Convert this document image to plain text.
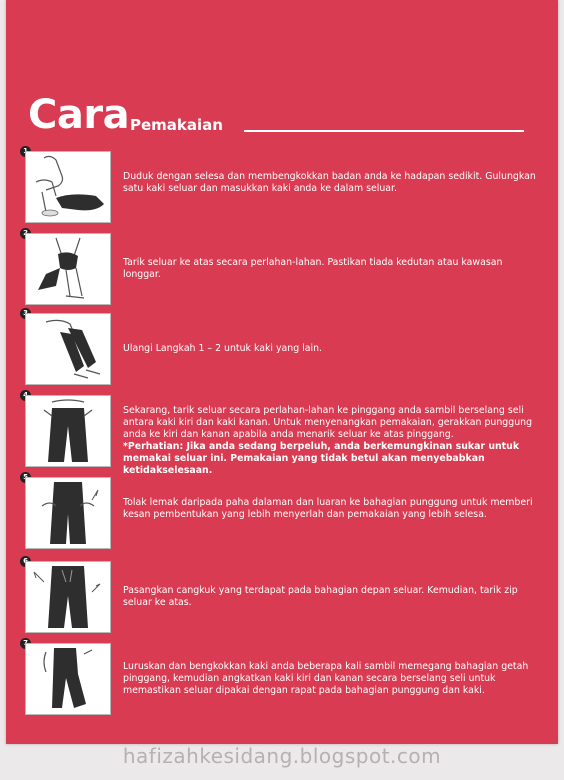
Cara Pemakaian
Duduk dengan selesa dan membengkokkan badan anda ke hadapan sedikit. Gulungkan satu kaki seluar dan masukkan kaki anda ke dalam seluar.
Tarik seluar ke atas secara perlahan-lahan. Pastikan tiada kedutan atau kawasan longgar.
Ulangi Langkah 1 – 2 untuk kaki yang lain.
Sekarang, tarik seluar secara perlahan-lahan ke pinggang anda sambil berselang seli antara kaki kiri dan kaki kanan. Untuk menyenangkan pemakaian, gerakkan punggung anda ke kiri dan kanan apabila anda menarik seluar ke atas pinggang.
*Perhatian: Jika anda sedang berpeluh, anda berkemungkinan sukar untuk memakai seluar ini. Pemakaian yang tidak betul akan menyebabkan ketidakselesaan.
Tolak lemak daripada paha dalaman dan luaran ke bahagian punggung untuk memberi kesan pembentukan yang lebih menyerlah dan pemakaian yang lebih selesa.
Pasangkan cangkuk yang terdapat pada bahagian depan seluar. Kemudian, tarik zip seluar ke atas.
Luruskan dan bengkokkan kaki anda beberapa kali sambil memegang bahagian getah pinggang, kemudian angkatkan kaki kiri dan kanan secara berselang seli untuk memastikan seluar dipakai dengan rapat pada bahagian punggung dan kaki.
hafizahkesidang.blogspot.com
